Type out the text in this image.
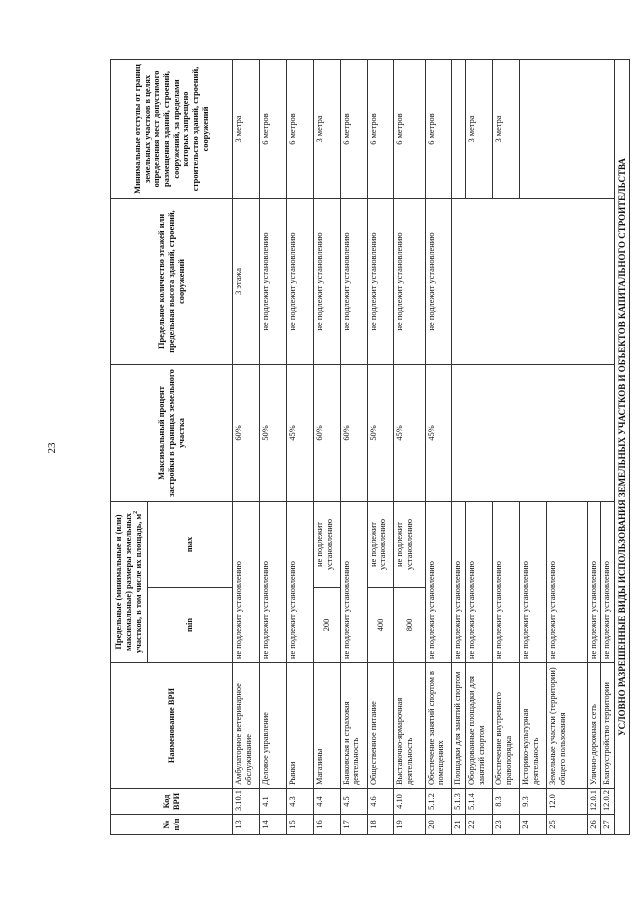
23
№ п/п	Код ВРИ	Наименование ВРИ	Предельные (минимальные и (или) максимальные) размеры земельных участков, в том числе их площадь, $м^2$		Максимальный процент застройки в границах земельного участка	Предельное количество этажей или предельная высота зданий, строений, сооружений	Минимальные отступы от границ земельных участков в целях определения мест допустимого размещения зданий, строений, сооружений, за пределами которых запрещено строительство зданий, строений, сооружений
			min	max			
13	3.10.1	Амбулаторное ветеринарное обслуживание	не подлежит установлению		60%	3 этажа	3 метра
14	4.1	Деловое управление	не подлежит установлению		50%	не подлежит установлению	6 метров
15	4.3	Рынки	не подлежит установлению		45%	не подлежит установлению	6 метров
16	4.4	Магазины	200	не подлежит установлению	60%	не подлежит установлению	3 метра
17	4.5	Банковская и страховая деятельность	не подлежит установлению		60%	не подлежит установлению	6 метров
18	4.6	Общественное питание	400	не подлежит установлению	50%	не подлежит установлению	6 метров
19	4.10	Выставочно-ярмарочная деятельность	800	не подлежит установлению	45%	не подлежит установлению	6 метров
20	5.1.2	Обеспечение занятий спортом в помещениях	не подлежит установлению		45%	не подлежит установлению	6 метров
21	5.1.3	Площадки для занятий спортом	не подлежит установлению				
22	5.1.4	Оборудованные площадки для занятий спортом	не подлежит установлению				3 метра
23	8.3	Обеспечение внутреннего правопорядка	не подлежит установлению				3 метра
24	9.3	Историко-культурная деятельность	не подлежит установлению				
25	12.0	Земельные участки (территории) общего пользования	не подлежит установлению				
26	12.0.1	Улично-дорожная сеть	не подлежит установлению				
27	12.0.2	Благоустройство территории	не подлежит установлению				
УСЛОВНО РАЗРЕШЕННЫЕ ВИДЫ ИСПОЛЬЗОВАНИЯ ЗЕМЕЛЬНЫХ УЧАСТКОВ И ОБЪЕКТОВ КАПИТАЛЬНОГО СТРОИТЕЛЬСТВА							
